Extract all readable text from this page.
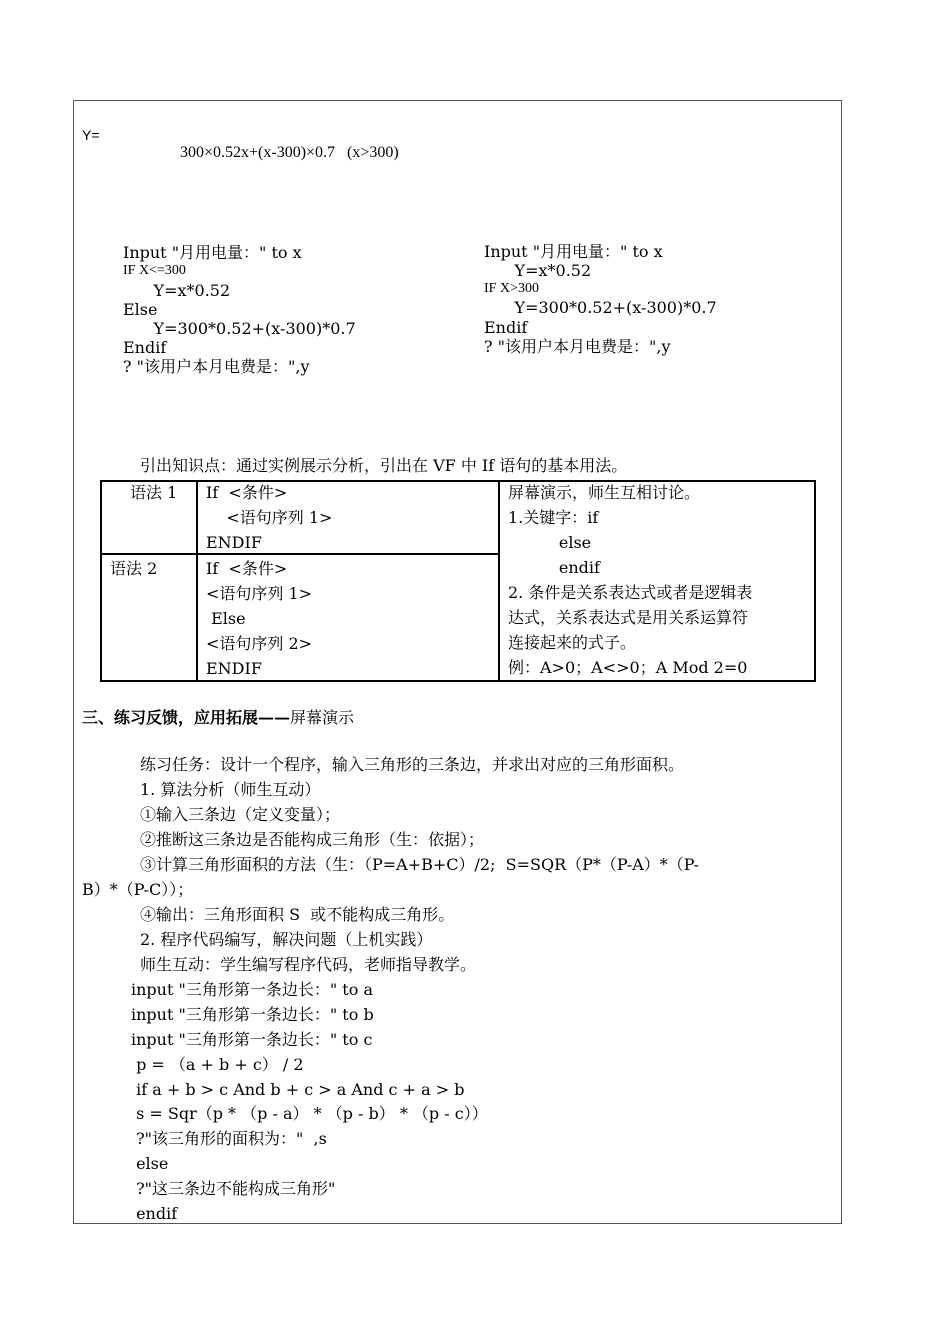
Y=
300×0.52x+(x-300)×0.7   (x>300)
Input "月用电量：" to x
IF X<=300
Y=x*0.52
Else
Y=300*0.52+(x-300)*0.7
Endif
? "该用户本月电费是：",y
Input "月用电量：" to x
Y=x*0.52
IF X>300
Y=300*0.52+(x-300)*0.7
Endif
? "该用户本月电费是：",y
引出知识点：通过实例展示分析，引出在 VF 中 If 语句的基本用法。
语法 1 If  <条件>
<语句序列 1>
ENDIF
语法 2	If  <条件>
<语句序列 1>
Else
<语句序列 2>
ENDIF
屏幕演示，师生互相讨论。
1.关键字：if
else
endif
2. 条件是关系表达式或者是逻辑表
达式，关系表达式是用关系运算符
连接起来的式子。
例：A>0；A<>0；A Mod 2=0
三、练习反馈，应用拓展——屏幕演示
练习任务：设计一个程序，输入三角形的三条边，并求出对应的三角形面积。
1. 算法分析（师生互动）
①输入三条边（定义变量）；
②推断这三条边是否能构成三角形（生：依据）；
③计算三角形面积的方法（生：（P=A+B+C）/2;  S=SQR（P*（P-A）*（P-
B）*（P-C））；
④输出：三角形面积 S  或不能构成三角形。
2. 程序代码编写，解决问题（上机实践）
师生互动：学生编写程序代码，老师指导教学。
input "三角形第一条边长：" to a
input "三角形第一条边长：" to b
input "三角形第一条边长：" to c
p = （a + b + c） / 2
if a + b > c And b + c > a And c + a > b
s = Sqr（p * （p - a） * （p - b） * （p - c））
?"该三角形的面积为："  ,s
else
?"这三条边不能构成三角形"
endif
